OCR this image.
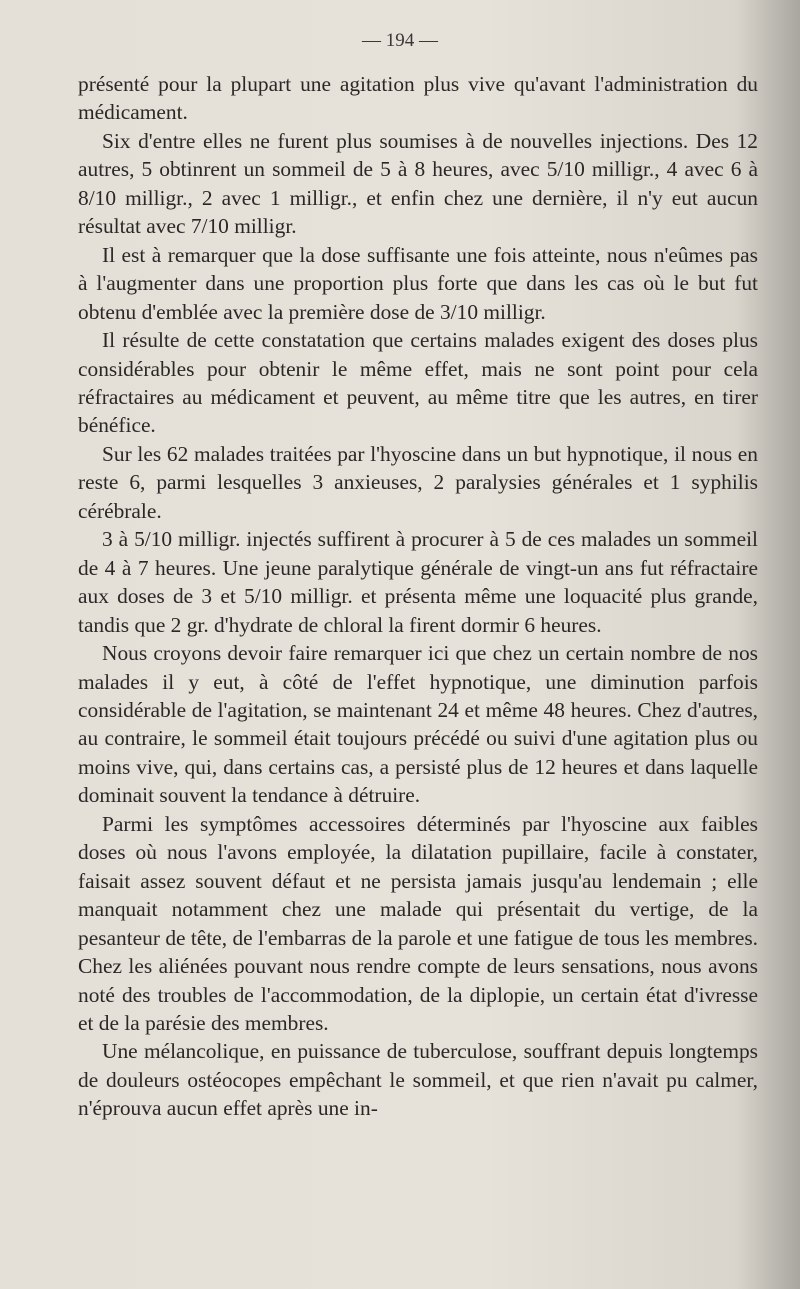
— 194 —

présenté pour la plupart une agitation plus vive qu'avant l'administration du médicament.

Six d'entre elles ne furent plus soumises à de nouvelles injections. Des 12 autres, 5 obtinrent un sommeil de 5 à 8 heures, avec 5/10 milligr., 4 avec 6 à 8/10 milligr., 2 avec 1 milligr., et enfin chez une dernière, il n'y eut aucun résultat avec 7/10 milligr.

Il est à remarquer que la dose suffisante une fois atteinte, nous n'eûmes pas à l'augmenter dans une proportion plus forte que dans les cas où le but fut obtenu d'emblée avec la première dose de 3/10 milligr.

Il résulte de cette constatation que certains malades exigent des doses plus considérables pour obtenir le même effet, mais ne sont point pour cela réfractaires au médicament et peuvent, au même titre que les autres, en tirer bénéfice.

Sur les 62 malades traitées par l'hyoscine dans un but hypnotique, il nous en reste 6, parmi lesquelles 3 anxieuses, 2 paralysies générales et 1 syphilis cérébrale.

3 à 5/10 milligr. injectés suffirent à procurer à 5 de ces malades un sommeil de 4 à 7 heures. Une jeune paralytique générale de vingt-un ans fut réfractaire aux doses de 3 et 5/10 milligr. et présenta même une loquacité plus grande, tandis que 2 gr. d'hydrate de chloral la firent dormir 6 heures.

Nous croyons devoir faire remarquer ici que chez un certain nombre de nos malades il y eut, à côté de l'effet hypnotique, une diminution parfois considérable de l'agitation, se maintenant 24 et même 48 heures. Chez d'autres, au contraire, le sommeil était toujours précédé ou suivi d'une agitation plus ou moins vive, qui, dans certains cas, a persisté plus de 12 heures et dans laquelle dominait souvent la tendance à détruire.

Parmi les symptômes accessoires déterminés par l'hyoscine aux faibles doses où nous l'avons employée, la dilatation pupillaire, facile à constater, faisait assez souvent défaut et ne persista jamais jusqu'au lendemain ; elle manquait notamment chez une malade qui présentait du vertige, de la pesanteur de tête, de l'embarras de la parole et une fatigue de tous les membres. Chez les aliénées pouvant nous rendre compte de leurs sensations, nous avons noté des troubles de l'accommodation, de la diplopie, un certain état d'ivresse et de la parésie des membres.

Une mélancolique, en puissance de tuberculose, souffrant depuis longtemps de douleurs ostéocopes empêchant le sommeil, et que rien n'avait pu calmer, n'éprouva aucun effet après une in-
